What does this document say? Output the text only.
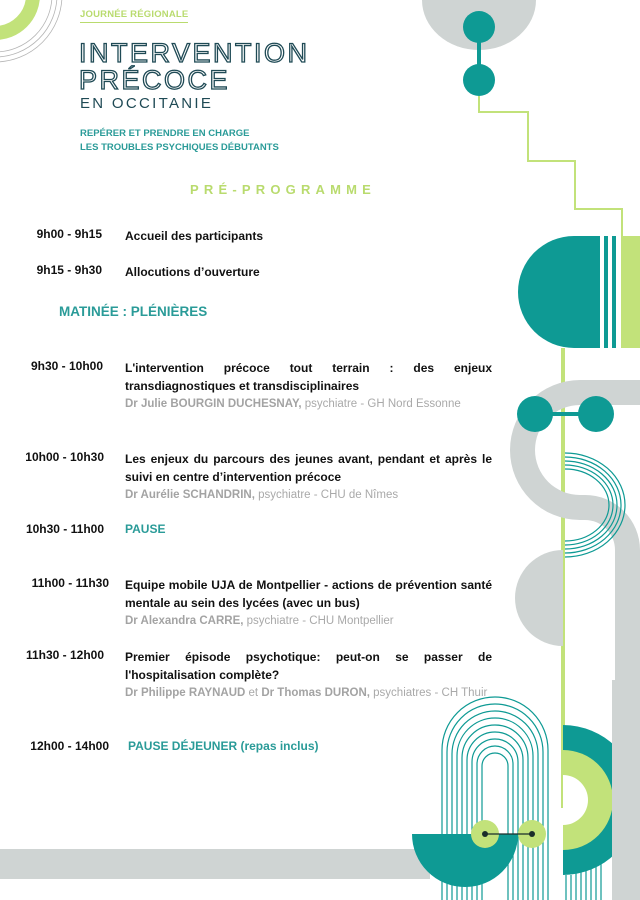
JOURNÉE RÉGIONALE
INTERVENTION
PRÉCOCE
EN OCCITANIE
REPÉRER ET PRENDRE EN CHARGE
LES TROUBLES PSYCHIQUES DÉBUTANTS
PRÉ-PROGRAMME
9h00 - 9h15 Accueil des participants
9h15 - 9h30 Allocutions d’ouverture
MATINÉE : PLÉNIÈRES
9h30 - 10h00 L'intervention précoce tout terrain : des enjeux transdiagnostiques et transdisciplinaires
Dr Julie BOURGIN DUCHESNAY, psychiatre - GH Nord Essonne
10h00 - 10h30 Les enjeux du parcours des jeunes avant, pendant et après le suivi en centre d’intervention précoce
Dr Aurélie SCHANDRIN, psychiatre - CHU de Nîmes
10h30 - 11h00 PAUSE
11h00 - 11h30 Equipe mobile UJA de Montpellier - actions de prévention santé mentale au sein des lycées (avec un bus)
Dr Alexandra CARRE, psychiatre - CHU Montpellier
11h30 - 12h00 Premier épisode psychotique: peut-on se passer de l'hospitalisation complète?
Dr Philippe RAYNAUD et Dr Thomas DURON, psychiatres - CH Thuir
12h00 - 14h00 PAUSE DÉJEUNER (repas inclus)
